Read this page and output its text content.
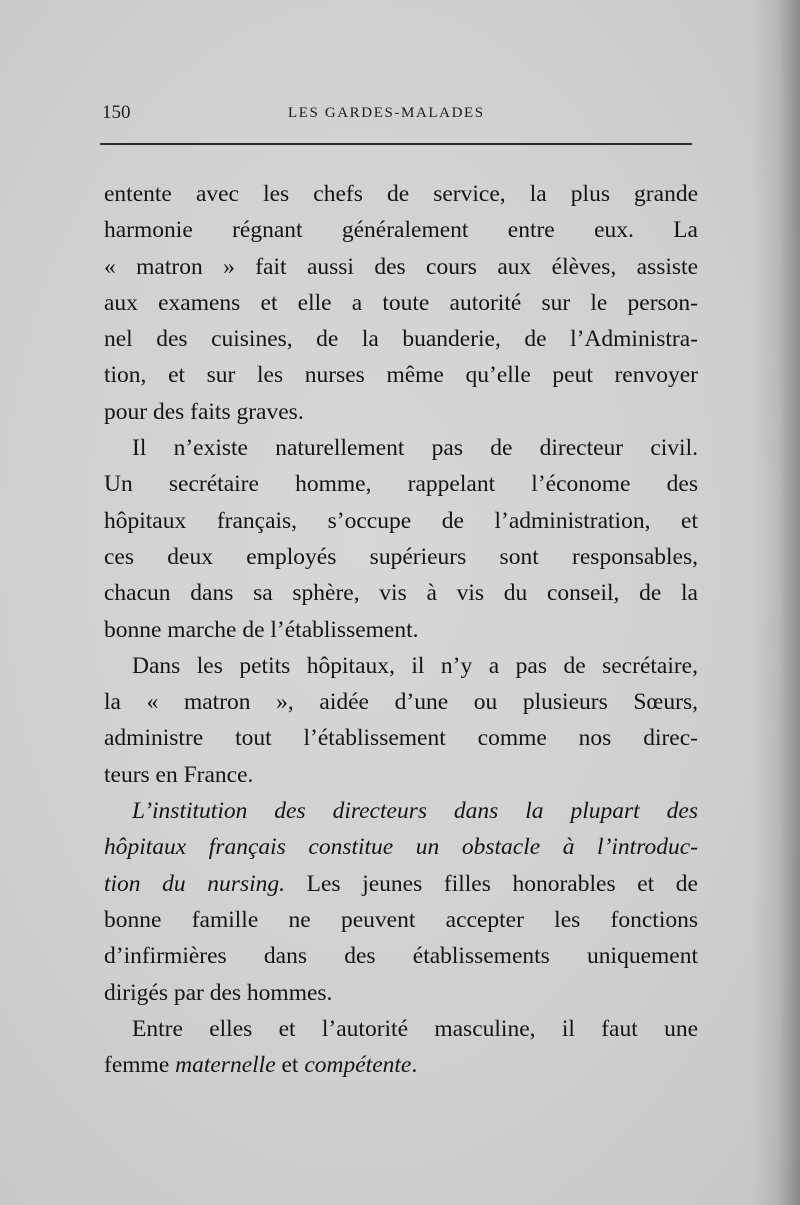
150	LES GARDES-MALADES

entente avec les chefs de service, la plus grande
harmonie régnant généralement entre eux. La
« matron » fait aussi des cours aux élèves, assiste
aux examens et elle a toute autorité sur le person-
nel des cuisines, de la buanderie, de l’Administra-
tion, et sur les nurses même qu’elle peut renvoyer
pour des faits graves.

Il n’existe naturellement pas de directeur civil.
Un secrétaire homme, rappelant l’économe des
hôpitaux français, s’occupe de l’administration, et
ces deux employés supérieurs sont responsables,
chacun dans sa sphère, vis à vis du conseil, de la
bonne marche de l’établissement.

Dans les petits hôpitaux, il n’y a pas de secrétaire,
la « matron », aidée d’une ou plusieurs Sœurs,
administre tout l’établissement comme nos direc-
teurs en France.

L’institution des directeurs dans la plupart des
hôpitaux français constitue un obstacle à l’introduc-
tion du nursing. Les jeunes filles honorables et de
bonne famille ne peuvent accepter les fonctions
d’infirmières dans des établissements uniquement
dirigés par des hommes.

Entre elles et l’autorité masculine, il faut une
femme maternelle et compétente.
